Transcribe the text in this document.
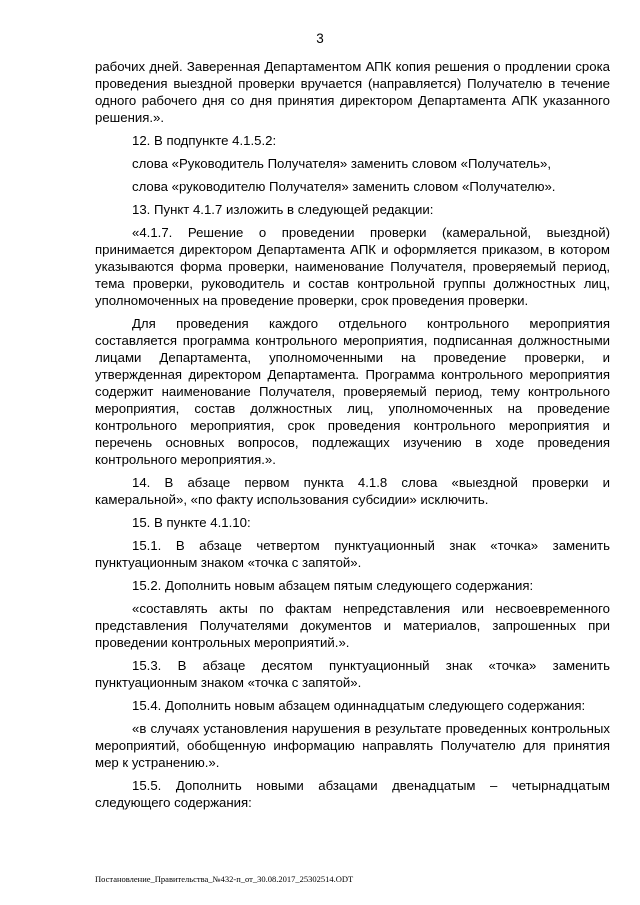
3

рабочих дней. Заверенная Департаментом АПК копия решения о продлении срока проведения выездной проверки вручается (направляется) Получателю в течение одного рабочего дня со дня принятия директором Департамента АПК указанного решения.».

12. В подпункте 4.1.5.2:

слова «Руководитель Получателя» заменить словом «Получатель»,

слова «руководителю Получателя» заменить словом «Получателю».

13. Пункт 4.1.7 изложить в следующей редакции:

«4.1.7. Решение о проведении проверки (камеральной, выездной) принимается директором Департамента АПК и оформляется приказом, в котором указываются форма проверки, наименование Получателя, проверяемый период, тема проверки, руководитель и состав контрольной группы должностных лиц, уполномоченных на проведение проверки, срок проведения проверки.

Для проведения каждого отдельного контрольного мероприятия составляется программа контрольного мероприятия, подписанная должностными лицами Департамента, уполномоченными на проведение проверки, и утвержденная директором Департамента. Программа контрольного мероприятия содержит наименование Получателя, проверяемый период, тему контрольного мероприятия, состав должностных лиц, уполномоченных на проведение контрольного мероприятия, срок проведения контрольного мероприятия и перечень основных вопросов, подлежащих изучению в ходе проведения контрольного мероприятия.».

14. В абзаце первом пункта 4.1.8 слова «выездной проверки и камеральной», «по факту использования субсидии» исключить.

15. В пункте 4.1.10:

15.1. В абзаце четвертом пунктуационный знак «точка» заменить пунктуационным знаком «точка с запятой».

15.2. Дополнить новым абзацем пятым следующего содержания:

«составлять акты по фактам непредставления или несвоевременного представления Получателями документов и материалов, запрошенных при проведении контрольных мероприятий.».

15.3. В абзаце десятом пунктуационный знак «точка» заменить пунктуационным знаком «точка с запятой».

15.4. Дополнить новым абзацем одиннадцатым следующего содержания:

«в случаях установления нарушения в результате проведенных контрольных мероприятий, обобщенную информацию направлять Получателю для принятия мер к устранению.».

15.5. Дополнить новыми абзацами двенадцатым – четырнадцатым следующего содержания:

Постановление_Правительства_№432-п_от_30.08.2017_25302514.ODT
